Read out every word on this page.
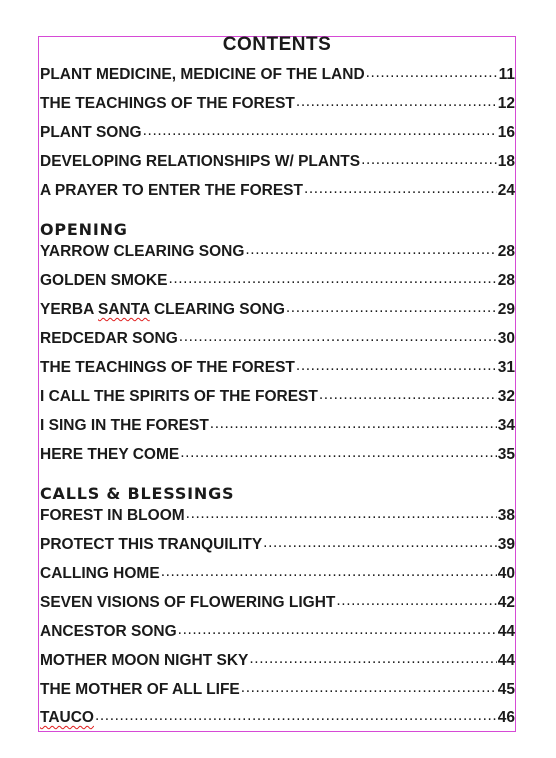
CONTENTS
PLANT MEDICINE, MEDICINE OF THE LAND .....	11
THE TEACHINGS OF THE FOREST .....	12
PLANT SONG .....	16
DEVELOPING RELATIONSHIPS W/ PLANTS .....	18
A PRAYER TO ENTER THE FOREST .....	24
OPENING
YARROW CLEARING SONG .....	28
GOLDEN SMOKE .....	28
YERBA SANTA CLEARING SONG .....	29
REDCEDAR SONG .....	30
THE TEACHINGS OF THE FOREST .....	31
I CALL THE SPIRITS OF THE FOREST .....	32
I SING IN THE FOREST .....	34
HERE THEY COME .....	35
CALLS & BLESSINGS
FOREST IN BLOOM .....	38
PROTECT THIS TRANQUILITY .....	39
CALLING HOME .....	40
SEVEN VISIONS OF FLOWERING LIGHT .....	42
ANCESTOR SONG .....	44
MOTHER MOON NIGHT SKY .....	44
THE MOTHER OF ALL LIFE .....	45
TAUCO .....	46
